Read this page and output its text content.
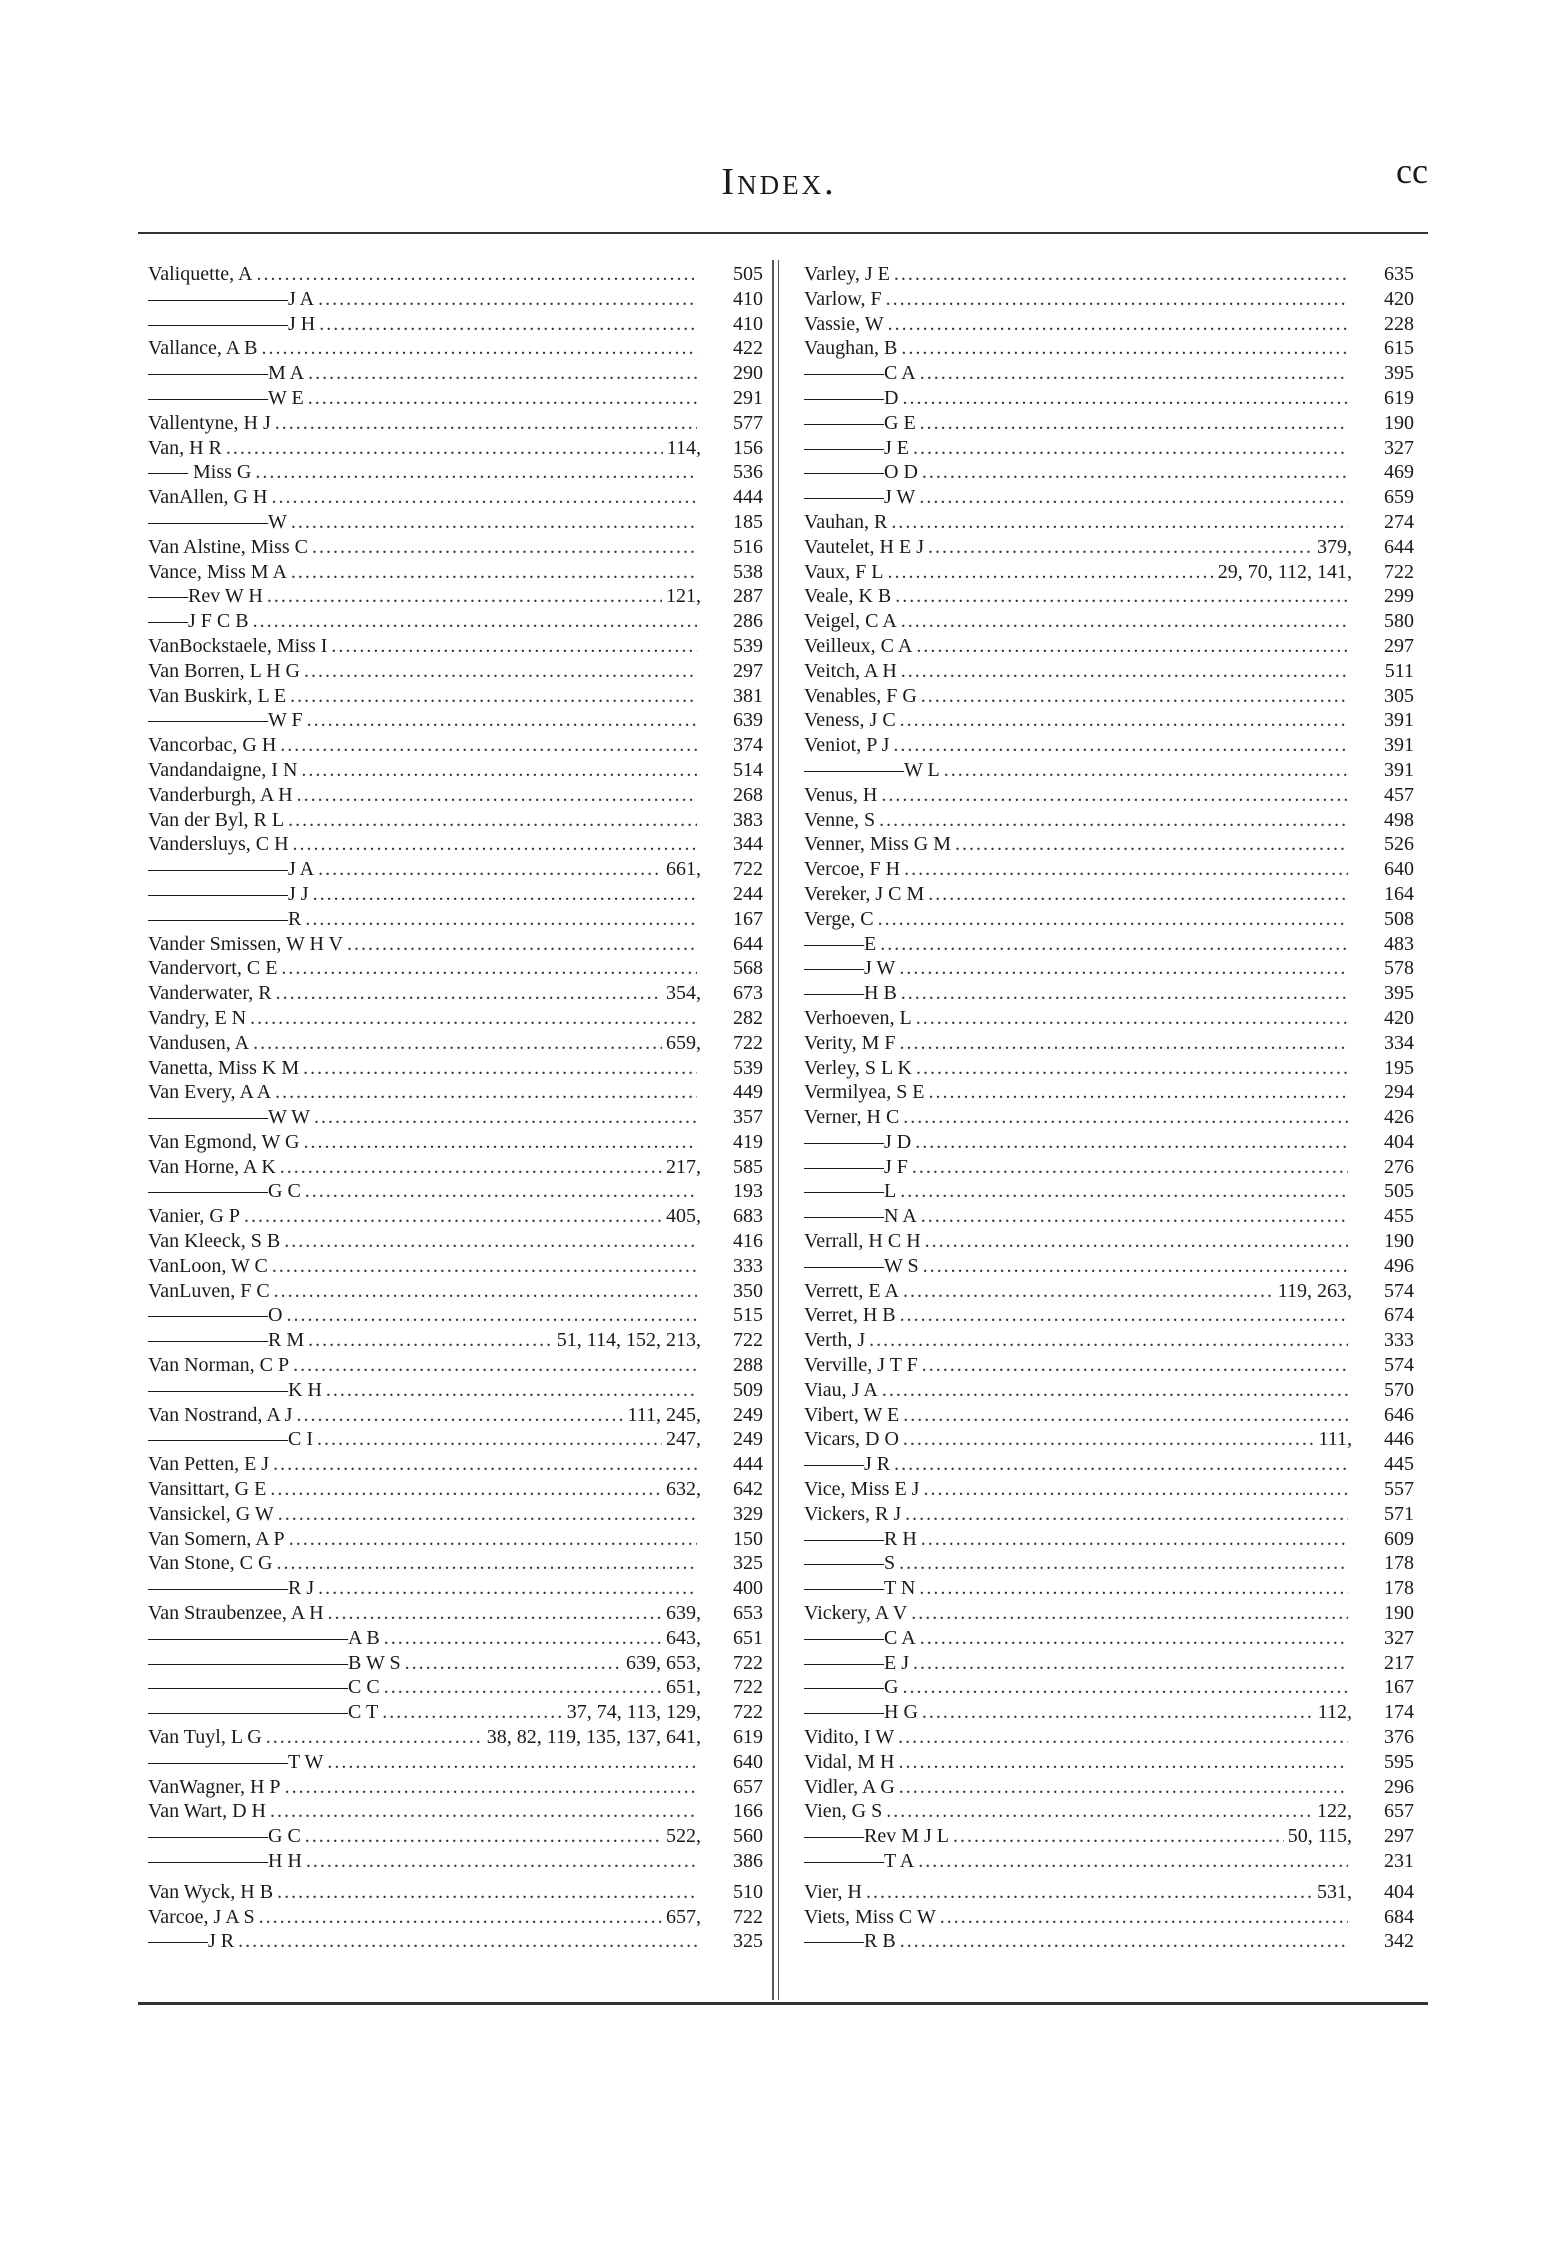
Index.	cc

Valiquette, A .....	505
———————J A .....	410
———————J H .....	410
Vallance, A B .....	422
——————M A .....	290
——————W E .....	291
Vallentyne, H J .....	577
Van, H R .....	114,	156
—— Miss G .....	536
VanAllen, G H .....	444
——————W .....	185
Van Alstine, Miss C .....	516
Vance, Miss M A .....	538
——Rev W H .....	121,	287
——J F C B .....	286
VanBockstaele, Miss I .....	539
Van Borren, L H G .....	297
Van Buskirk, L E .....	381
——————W F .....	639
Vancorbac, G H .....	374
Vandandaigne, I N .....	514
Vanderburgh, A H .....	268
Van der Byl, R L .....	383
Vandersluys, C H .....	344
———————J A .....	661,	722
———————J J .....	244
———————R .....	167
Vander Smissen, W H V .....	644
Vandervort, C E .....	568
Vanderwater, R .....	354,	673
Vandry, E N .....	282
Vandusen, A .....	659,	722
Vanetta, Miss K M .....	539
Van Every, A A .....	449
——————W W .....	357
Van Egmond, W G .....	419
Van Horne, A K .....	217,	585
——————G C .....	193
Vanier, G P .....	405,	683
Van Kleeck, S B .....	416
VanLoon, W C .....	333
VanLuven, F C .....	350
——————O .....	515
——————R M .....	51, 114, 152, 213,	722
Van Norman, C P .....	288
———————K H .....	509
Van Nostrand, A J .....	111, 245,	249
———————C I .....	247,	249
Van Petten, E J .....	444
Vansittart, G E .....	632,	642
Vansickel, G W .....	329
Van Somern, A P .....	150
Van Stone, C G .....	325
———————R J .....	400
Van Straubenzee, A H .....	639,	653
——————————A B .....	643,	651
——————————B W S .....	639, 653,	722
——————————C C .....	651,	722
——————————C T .....	37, 74, 113, 129,	722
Van Tuyl, L G .....	38, 82, 119, 135, 137, 641,	619
———————T W .....	640
VanWagner, H P .....	657
Van Wart, D H .....	166
——————G C .....	522,	560
——————H H .....	386
Van Wyck, H B .....	510
Varcoe, J A S .....	657,	722
———J R .....	325
Varley, J E .....	635
Varlow, F .....	420
Vassie, W .....	228
Vaughan, B .....	615
————C A .....	395
————D .....	619
————G E .....	190
————J E .....	327
————O D .....	469
————J W .....	659
Vauhan, R .....	274
Vautelet, H E J .....	379,	644
Vaux, F L .....	29, 70, 112, 141,	722
Veale, K B .....	299
Veigel, C A .....	580
Veilleux, C A .....	297
Veitch, A H .....	511
Venables, F G .....	305
Veness, J C .....	391
Veniot, P J .....	391
—————W L .....	391
Venus, H .....	457
Venne, S .....	498
Venner, Miss G M .....	526
Vercoe, F H .....	640
Vereker, J C M .....	164
Verge, C .....	508
———E .....	483
———J W .....	578
———H B .....	395
Verhoeven, L .....	420
Verity, M F .....	334
Verley, S L K .....	195
Vermilyea, S E .....	294
Verner, H C .....	426
————J D .....	404
————J F .....	276
————L .....	505
————N A .....	455
Verrall, H C H .....	190
————W S .....	496
Verrett, E A .....	119, 263,	574
Verret, H B .....	674
Verth, J .....	333
Verville, J T F .....	574
Viau, J A .....	570
Vibert, W E .....	646
Vicars, D O .....	111,	446
———J R .....	445
Vice, Miss E J .....	557
Vickers, R J .....	571
————R H .....	609
————S .....	178
————T N .....	178
Vickery, A V .....	190
————C A .....	327
————E J .....	217
————G .....	167
————H G .....	112,	174
Vidito, I W .....	376
Vidal, M H .....	595
Vidler, A G .....	296
Vien, G S .....	122,	657
———Rev M J L .....	50, 115,	297
————T A .....	231
Vier, H .....	531,	404
Viets, Miss C W .....	684
———R B .....	342
